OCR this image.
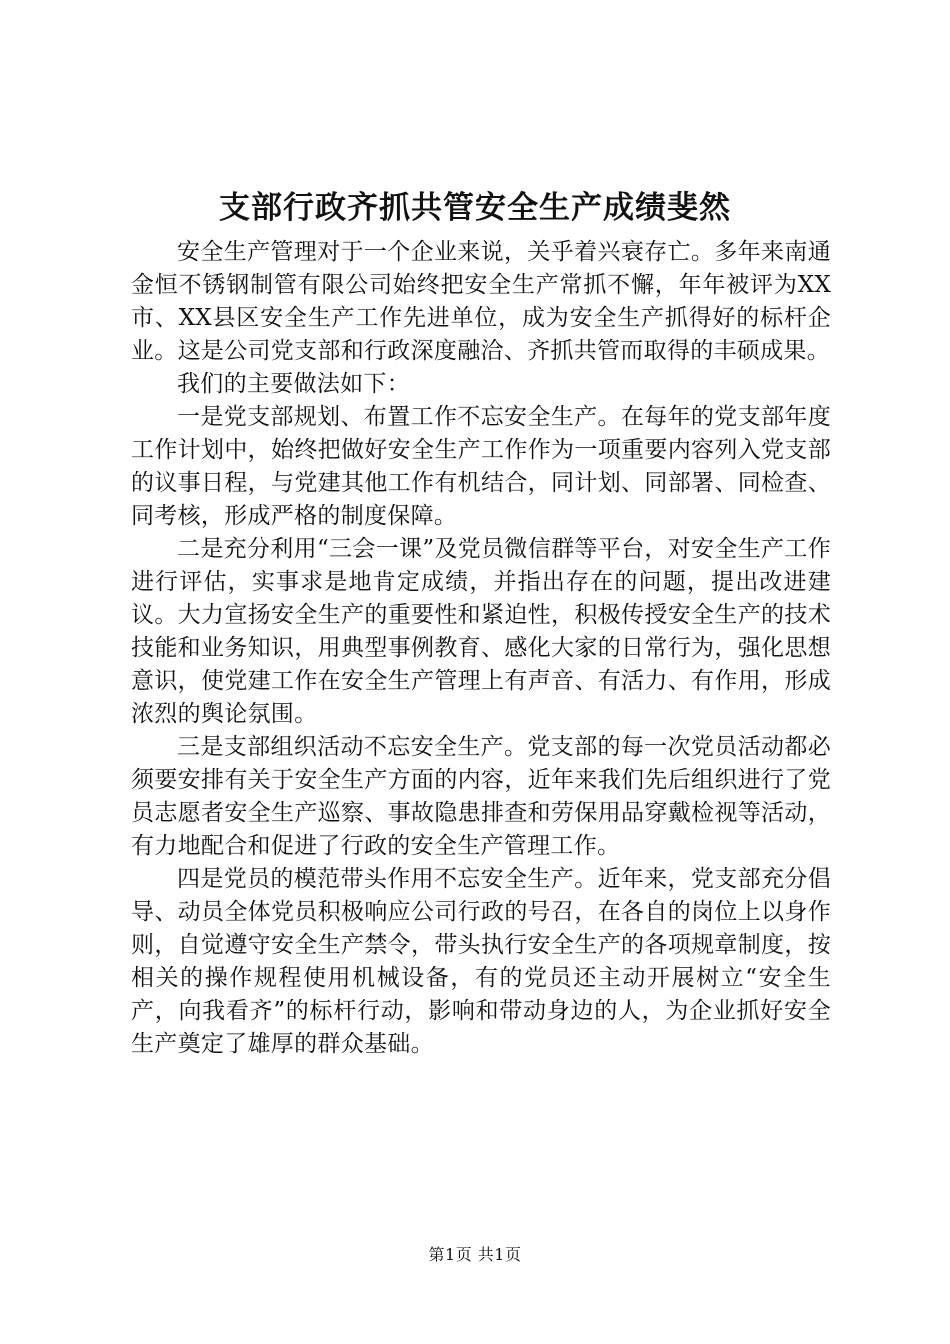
支部行政齐抓共管安全生产成绩斐然

安全生产管理对于一个企业来说，关乎着兴衰存亡。多年来南通金恒不锈钢制管有限公司始终把安全生产常抓不懈，年年被评为XX市、XX县区安全生产工作先进单位，成为安全生产抓得好的标杆企业。这是公司党支部和行政深度融洽、齐抓共管而取得的丰硕成果。

我们的主要做法如下：

一是党支部规划、布置工作不忘安全生产。在每年的党支部年度工作计划中，始终把做好安全生产工作作为一项重要内容列入党支部的议事日程，与党建其他工作有机结合，同计划、同部署、同检查、同考核，形成严格的制度保障。

二是充分利用“三会一课”及党员微信群等平台，对安全生产工作进行评估，实事求是地肯定成绩，并指出存在的问题，提出改进建议。大力宣扬安全生产的重要性和紧迫性，积极传授安全生产的技术技能和业务知识，用典型事例教育、感化大家的日常行为，强化思想意识，使党建工作在安全生产管理上有声音、有活力、有作用，形成浓烈的舆论氛围。

三是支部组织活动不忘安全生产。党支部的每一次党员活动都必须要安排有关于安全生产方面的内容，近年来我们先后组织进行了党员志愿者安全生产巡察、事故隐患排查和劳保用品穿戴检视等活动，有力地配合和促进了行政的安全生产管理工作。

四是党员的模范带头作用不忘安全生产。近年来，党支部充分倡导、动员全体党员积极响应公司行政的号召，在各自的岗位上以身作则，自觉遵守安全生产禁令，带头执行安全生产的各项规章制度，按相关的操作规程使用机械设备，有的党员还主动开展树立“安全生产，向我看齐”的标杆行动，影响和带动身边的人，为企业抓好安全生产奠定了雄厚的群众基础。

第1页 共1页
